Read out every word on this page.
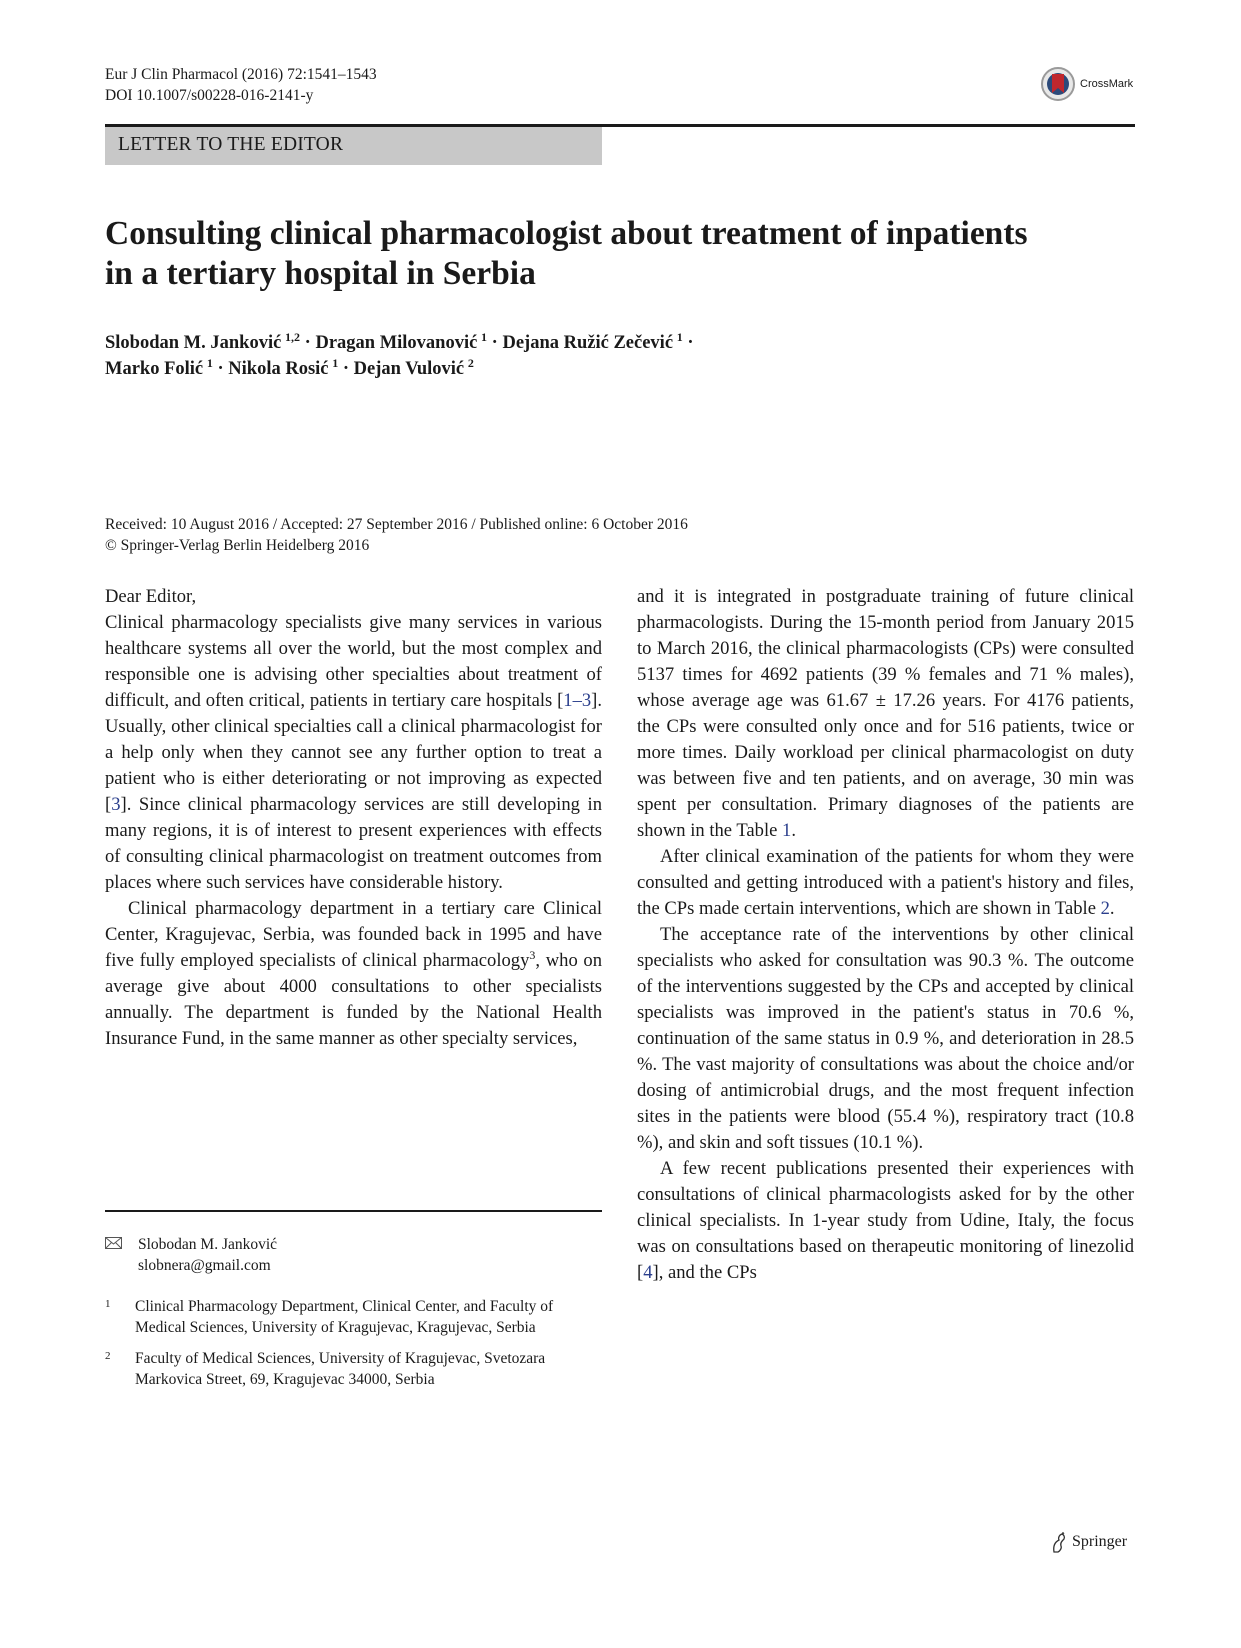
Eur J Clin Pharmacol (2016) 72:1541–1543
DOI 10.1007/s00228-016-2141-y
CrossMark
LETTER TO THE EDITOR
Consulting clinical pharmacologist about treatment of inpatients
in a tertiary hospital in Serbia
Slobodan M. Janković  $^{1,2}$ · Dragan Milovanović  $^1$ · Dejana Ružić Zečević  $^1$ ·
Marko Folić  $^1$ · Nikola Rosić  $^1$ · Dejan Vulović  $^2$
Received: 10 August 2016 / Accepted: 27 September 2016 / Published online: 6 October 2016
© Springer-Verlag Berlin Heidelberg 2016

Dear Editor,

Clinical pharmacology specialists give many services in various healthcare systems all over the world, but the most complex and responsible one is advising other specialties about treatment of difficult, and often critical, patients in tertiary care hospitals [1–3]. Usually, other clinical specialties call a clinical pharmacologist for a help only when they cannot see any further option to treat a patient who is either deteriorating or not improving as expected [3]. Since clinical pharmacology services are still developing in many regions, it is of interest to present experiences with effects of consulting clinical pharmacologist on treatment outcomes from places where such services have considerable history.

Clinical pharmacology department in a tertiary care Clinical Center, Kragujevac, Serbia, was founded back in 1995 and have five fully employed specialists of clinical pharmacology$^3$, who on average give about 4000 consultations to other specialists annually. The department is funded by the National Health Insurance Fund, in the same manner as other specialty services,

and it is integrated in postgraduate training of future clinical pharmacologists. During the 15-month period from January 2015 to March 2016, the clinical pharmacologists (CPs) were consulted 5137 times for 4692 patients (39 % females and 71 % males), whose average age was 61.67 ± 17.26 years. For 4176 patients, the CPs were consulted only once and for 516 patients, twice or more times. Daily workload per clinical pharmacologist on duty was between five and ten patients, and on average, 30 min was spent per consultation. Primary diagnoses of the patients are shown in the Table 1.

After clinical examination of the patients for whom they were consulted and getting introduced with a patient's history and files, the CPs made certain interventions, which are shown in Table 2.

The acceptance rate of the interventions by other clinical specialists who asked for consultation was 90.3 %. The outcome of the interventions suggested by the CPs and accepted by clinical specialists was improved in the patient's status in 70.6 %, continuation of the same status in 0.9 %, and deterioration in 28.5 %. The vast majority of consultations was about the choice and/or dosing of antimicrobial drugs, and the most frequent infection sites in the patients were blood (55.4 %), respiratory tract (10.8 %), and skin and soft tissues (10.1 %).

A few recent publications presented their experiences with consultations of clinical pharmacologists asked for by the other clinical specialists. In 1-year study from Udine, Italy, the focus was on consultations based on therapeutic monitoring of linezolid [4], and the CPs

Slobodan M. Janković
slobnera@gmail.com
1 Clinical Pharmacology Department, Clinical Center, and Faculty of Medical Sciences, University of Kragujevac, Kragujevac, Serbia
2 Faculty of Medical Sciences, University of Kragujevac, Svetozara Markovica Street, 69, Kragujevac 34000, Serbia
Springer
